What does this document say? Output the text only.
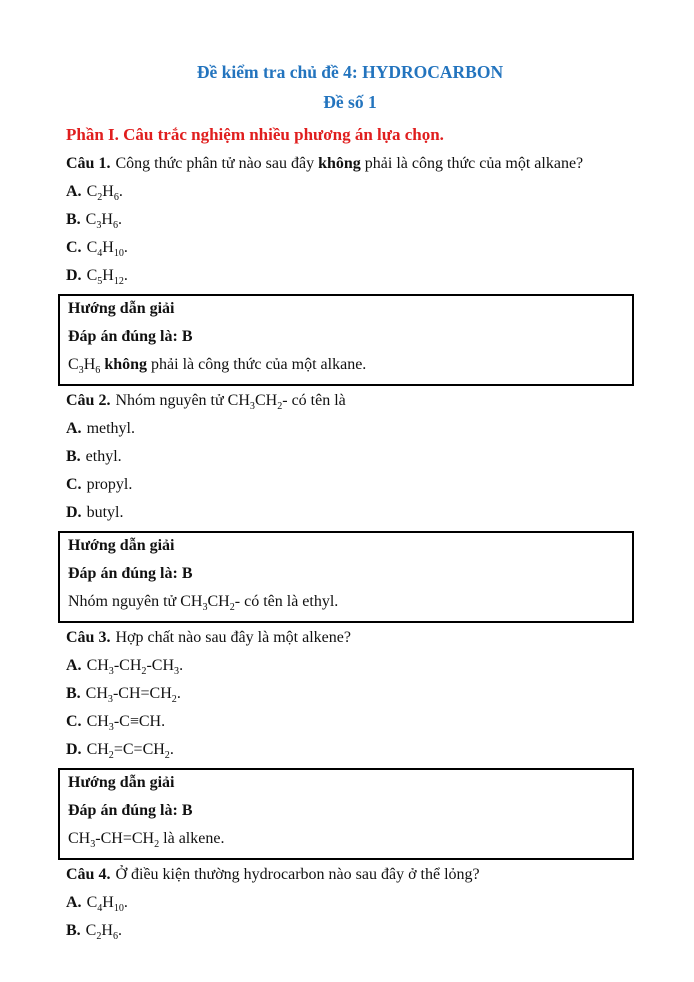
Đề kiểm tra chủ đề 4: HYDROCARBON
Đề số 1
Phần I. Câu trắc nghiệm nhiều phương án lựa chọn.

Câu 1. Công thức phân tử nào sau đây không phải là công thức của một alkane?

A. $C_2H_6$.

B. $C_3H_6$.

C. $C_4H_{10}$.

D. $C_5H_{12}$.

Hướng dẫn giải

Đáp án đúng là: B

$C_3H_6$ không phải là công thức của một alkane.

Câu 2. Nhóm nguyên tử $CH_3CH_2-$ có tên là

A. methyl.

B. ethyl.

C. propyl.

D. butyl.

Hướng dẫn giải

Đáp án đúng là: B

Nhóm nguyên tử $CH_3CH_2-$ có tên là ethyl.

Câu 3. Hợp chất nào sau đây là một alkene?

A. $CH_3-CH_2-CH_3$.

B. $CH_3-CH=CH_2$.

C. $CH_3-C\equiv CH$.

D. $CH_2=C=CH_2$.

Hướng dẫn giải

Đáp án đúng là: B

$CH_3-CH=CH_2$ là alkene.

Câu 4. Ở điều kiện thường hydrocarbon nào sau đây ở thể lỏng?

A. $C_4H_{10}$.

B. $C_2H_6$.
